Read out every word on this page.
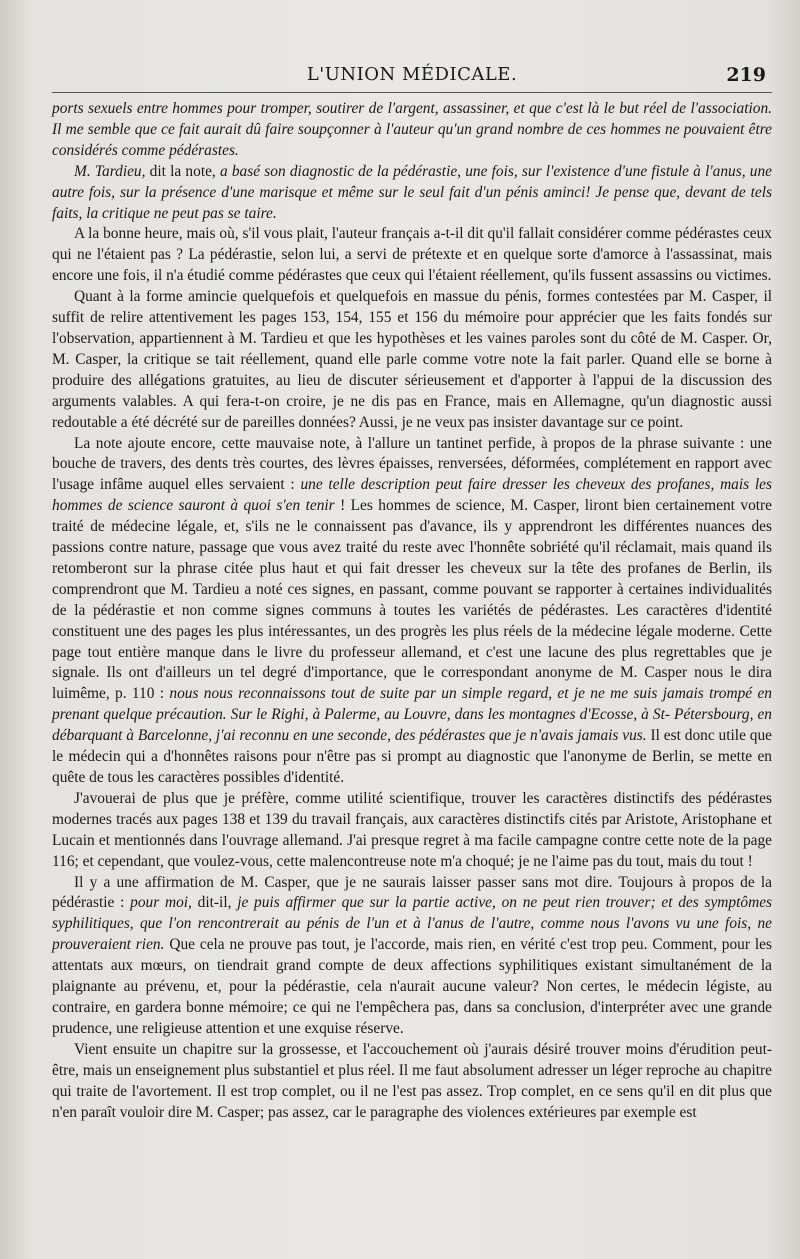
L'UNION MÉDICALE.	219

ports sexuels entre hommes pour tromper, soutirer de l'argent, assassiner, et que c'est là le but réel de l'association. Il me semble que ce fait aurait dû faire soupçonner à l'auteur qu'un grand nombre de ces hommes ne pouvaient être considérés comme pédérastes.

M. Tardieu, dit la note, a basé son diagnostic de la pédérastie, une fois, sur l'existence d'une fistule à l'anus, une autre fois, sur la présence d'une marisque et même sur le seul fait d'un pénis aminci! Je pense que, devant de tels faits, la critique ne peut pas se taire.

A la bonne heure, mais où, s'il vous plait, l'auteur français a-t-il dit qu'il fallait considérer comme pédérastes ceux qui ne l'étaient pas ? La pédérastie, selon lui, a servi de prétexte et en quelque sorte d'amorce à l'assassinat, mais encore une fois, il n'a étudié comme pédérastes que ceux qui l'étaient réellement, qu'ils fussent assassins ou victimes.

Quant à la forme amincie quelquefois et quelquefois en massue du pénis, formes contestées par M. Casper, il suffit de relire attentivement les pages 153, 154, 155 et 156 du mémoire pour apprécier que les faits fondés sur l'observation, appartiennent à M. Tardieu et que les hypothèses et les vaines paroles sont du côté de M. Casper. Or, M. Casper, la critique se tait réellement, quand elle parle comme votre note la fait parler. Quand elle se borne à produire des allégations gratuites, au lieu de discuter sérieusement et d'apporter à l'appui de la discussion des arguments valables. A qui fera-t-on croire, je ne dis pas en France, mais en Allemagne, qu'un diagnostic aussi redoutable a été décrété sur de pareilles données? Aussi, je ne veux pas insister davantage sur ce point.

La note ajoute encore, cette mauvaise note, à l'allure un tantinet perfide, à propos de la phrase suivante : une bouche de travers, des dents très courtes, des lèvres épaisses, renversées, déformées, complétement en rapport avec l'usage infâme auquel elles servaient : une telle description peut faire dresser les cheveux des profanes, mais les hommes de science sauront à quoi s'en tenir ! Les hommes de science, M. Casper, liront bien certainement votre traité de médecine légale, et, s'ils ne le connaissent pas d'avance, ils y apprendront les différentes nuances des passions contre nature, passage que vous avez traité du reste avec l'honnête sobriété qu'il réclamait, mais quand ils retomberont sur la phrase citée plus haut et qui fait dresser les cheveux sur la tête des profanes de Berlin, ils comprendront que M. Tardieu a noté ces signes, en passant, comme pouvant se rapporter à certaines individualités de la pédérastie et non comme signes communs à toutes les variétés de pédérastes. Les caractères d'identité constituent une des pages les plus intéressantes, un des progrès les plus réels de la médecine légale moderne. Cette page tout entière manque dans le livre du professeur allemand, et c'est une lacune des plus regrettables que je signale. Ils ont d'ailleurs un tel degré d'importance, que le correspondant anonyme de M. Casper nous le dira luimême, p. 110 : nous nous reconnaissons tout de suite par un simple regard, et je ne me suis jamais trompé en prenant quelque précaution. Sur le Righi, à Palerme, au Louvre, dans les montagnes d'Ecosse, à St- Pétersbourg, en débarquant à Barcelonne, j'ai reconnu en une seconde, des pédérastes que je n'avais jamais vus. Il est donc utile que le médecin qui a d'honnêtes raisons pour n'être pas si prompt au diagnostic que l'anonyme de Berlin, se mette en quête de tous les caractères possibles d'identité.

J'avouerai de plus que je préfère, comme utilité scientifique, trouver les caractères distinctifs des pédérastes modernes tracés aux pages 138 et 139 du travail français, aux caractères distinctifs cités par Aristote, Aristophane et Lucain et mentionnés dans l'ouvrage allemand. J'ai presque regret à ma facile campagne contre cette note de la page 116; et cependant, que voulez-vous, cette malencontreuse note m'a choqué; je ne l'aime pas du tout, mais du tout !

Il y a une affirmation de M. Casper, que je ne saurais laisser passer sans mot dire. Toujours à propos de la pédérastie : pour moi, dit-il, je puis affirmer que sur la partie active, on ne peut rien trouver; et des symptômes syphilitiques, que l'on rencontrerait au pénis de l'un et à l'anus de l'autre, comme nous l'avons vu une fois, ne prouveraient rien. Que cela ne prouve pas tout, je l'accorde, mais rien, en vérité c'est trop peu. Comment, pour les attentats aux mœurs, on tiendrait grand compte de deux affections syphilitiques existant simultanément de la plaignante au prévenu, et, pour la pédérastie, cela n'aurait aucune valeur? Non certes, le médecin légiste, au contraire, en gardera bonne mémoire; ce qui ne l'empêchera pas, dans sa conclusion, d'interpréter avec une grande prudence, une religieuse attention et une exquise réserve.

Vient ensuite un chapitre sur la grossesse, et l'accouchement où j'aurais désiré trouver moins d'érudition peut-être, mais un enseignement plus substantiel et plus réel. Il me faut absolument adresser un léger reproche au chapitre qui traite de l'avortement. Il est trop complet, ou il ne l'est pas assez. Trop complet, en ce sens qu'il en dit plus que n'en paraît vouloir dire M. Casper; pas assez, car le paragraphe des violences extérieures par exemple est
